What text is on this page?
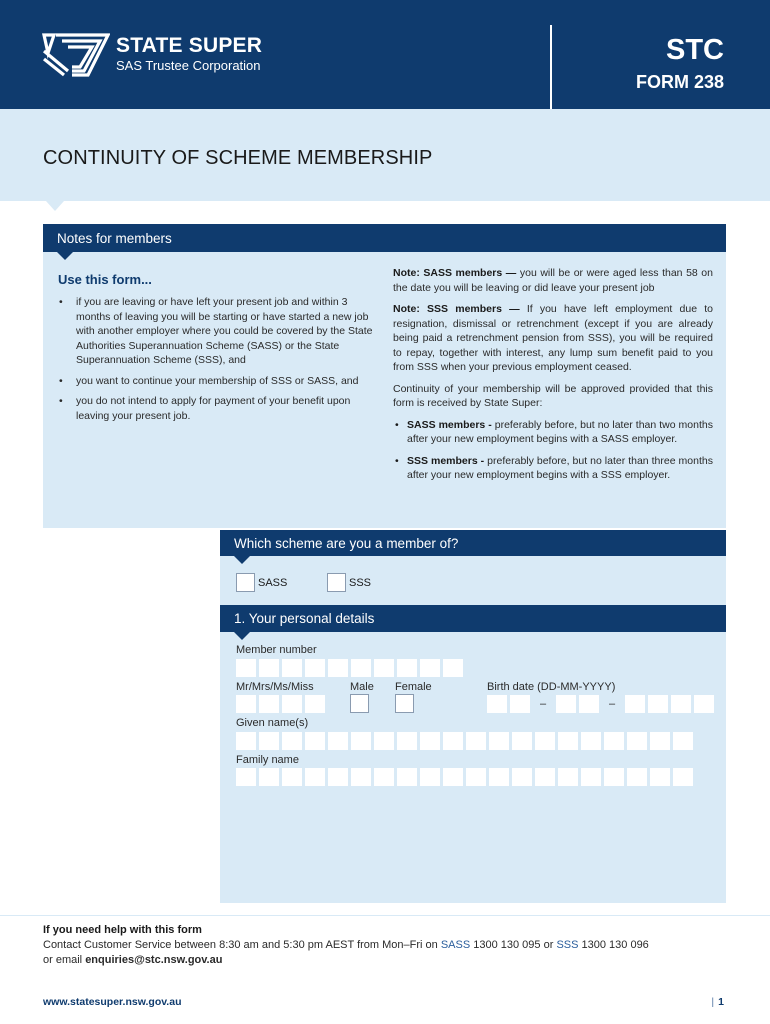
STATE SUPER
SAS Trustee Corporation	STC
FORM 238
CONTINUITY OF SCHEME MEMBERSHIP
Notes for members
Use this form...
• if you are leaving or have left your present job and within 3 months of leaving you will be starting or have started a new job with another employer where you could be covered by the State Authorities Superannuation Scheme (SASS) or the State Superannuation Scheme (SSS), and
• you want to continue your membership of SSS or SASS, and
• you do not intend to apply for payment of your benefit upon leaving your present job.

Note: SASS members — you will be or were aged less than 58 on the date you will be leaving or did leave your present job

Note: SSS members — If you have left employment due to resignation, dismissal or retrenchment (except if you are already being paid a retrenchment pension from SSS), you will be required to repay, together with interest, any lump sum benefit paid to you from SSS when your previous employment ceased.

Continuity of your membership will be approved provided that this form is received by State Super:

• SASS members - preferably before, but no later than two months after your new employment begins with a SASS employer.
• SSS members - preferably before, but no later than three months after your new employment begins with a SSS employer.
Which scheme are you a member of?
SASS	SSS
1. Your personal details
Member number
Mr/Mrs/Ms/Miss	Male Female	Birth date (DD-MM-YYYY)
–	–
Given name(s)
Family name
If you need help with this form
Contact Customer Service between 8:30 am and 5:30 pm AEST from Mon–Fri on SASS 1300 130 095 or SSS 1300 130 096
or email enquiries@stc.nsw.gov.au
www.statesuper.nsw.gov.au	| 1
